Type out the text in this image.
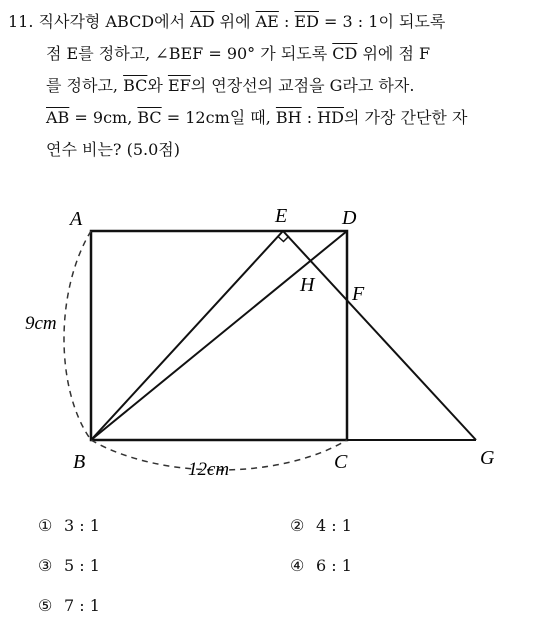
11. 직사각형 ABCD에서 $\overline{AD}$ 위에 $\overline{AE}$ : $\overline{ED} = 3$ : 1이 되도록
점 E를 정하고, ∠BEF = 90° 가 되도록 $\overline{CD}$ 위에 점 F
를 정하고, $\overline{BC}$와 $\overline{EF}$의 연장선의 교점을 G라고 하자.
$\overline{AB} = 9cm$, $\overline{BC} = 12cm$일 때, $\overline{BH}$ : $\overline{HD}$의 가장 간단한 자
연수 비는? (5.0점)
A
B	C
D
E
F
G
H
9cm
12cm
① 3 : 1	② 4 : 1
③ 5 : 1	④ 6 : 1
⑤ 7 : 1
